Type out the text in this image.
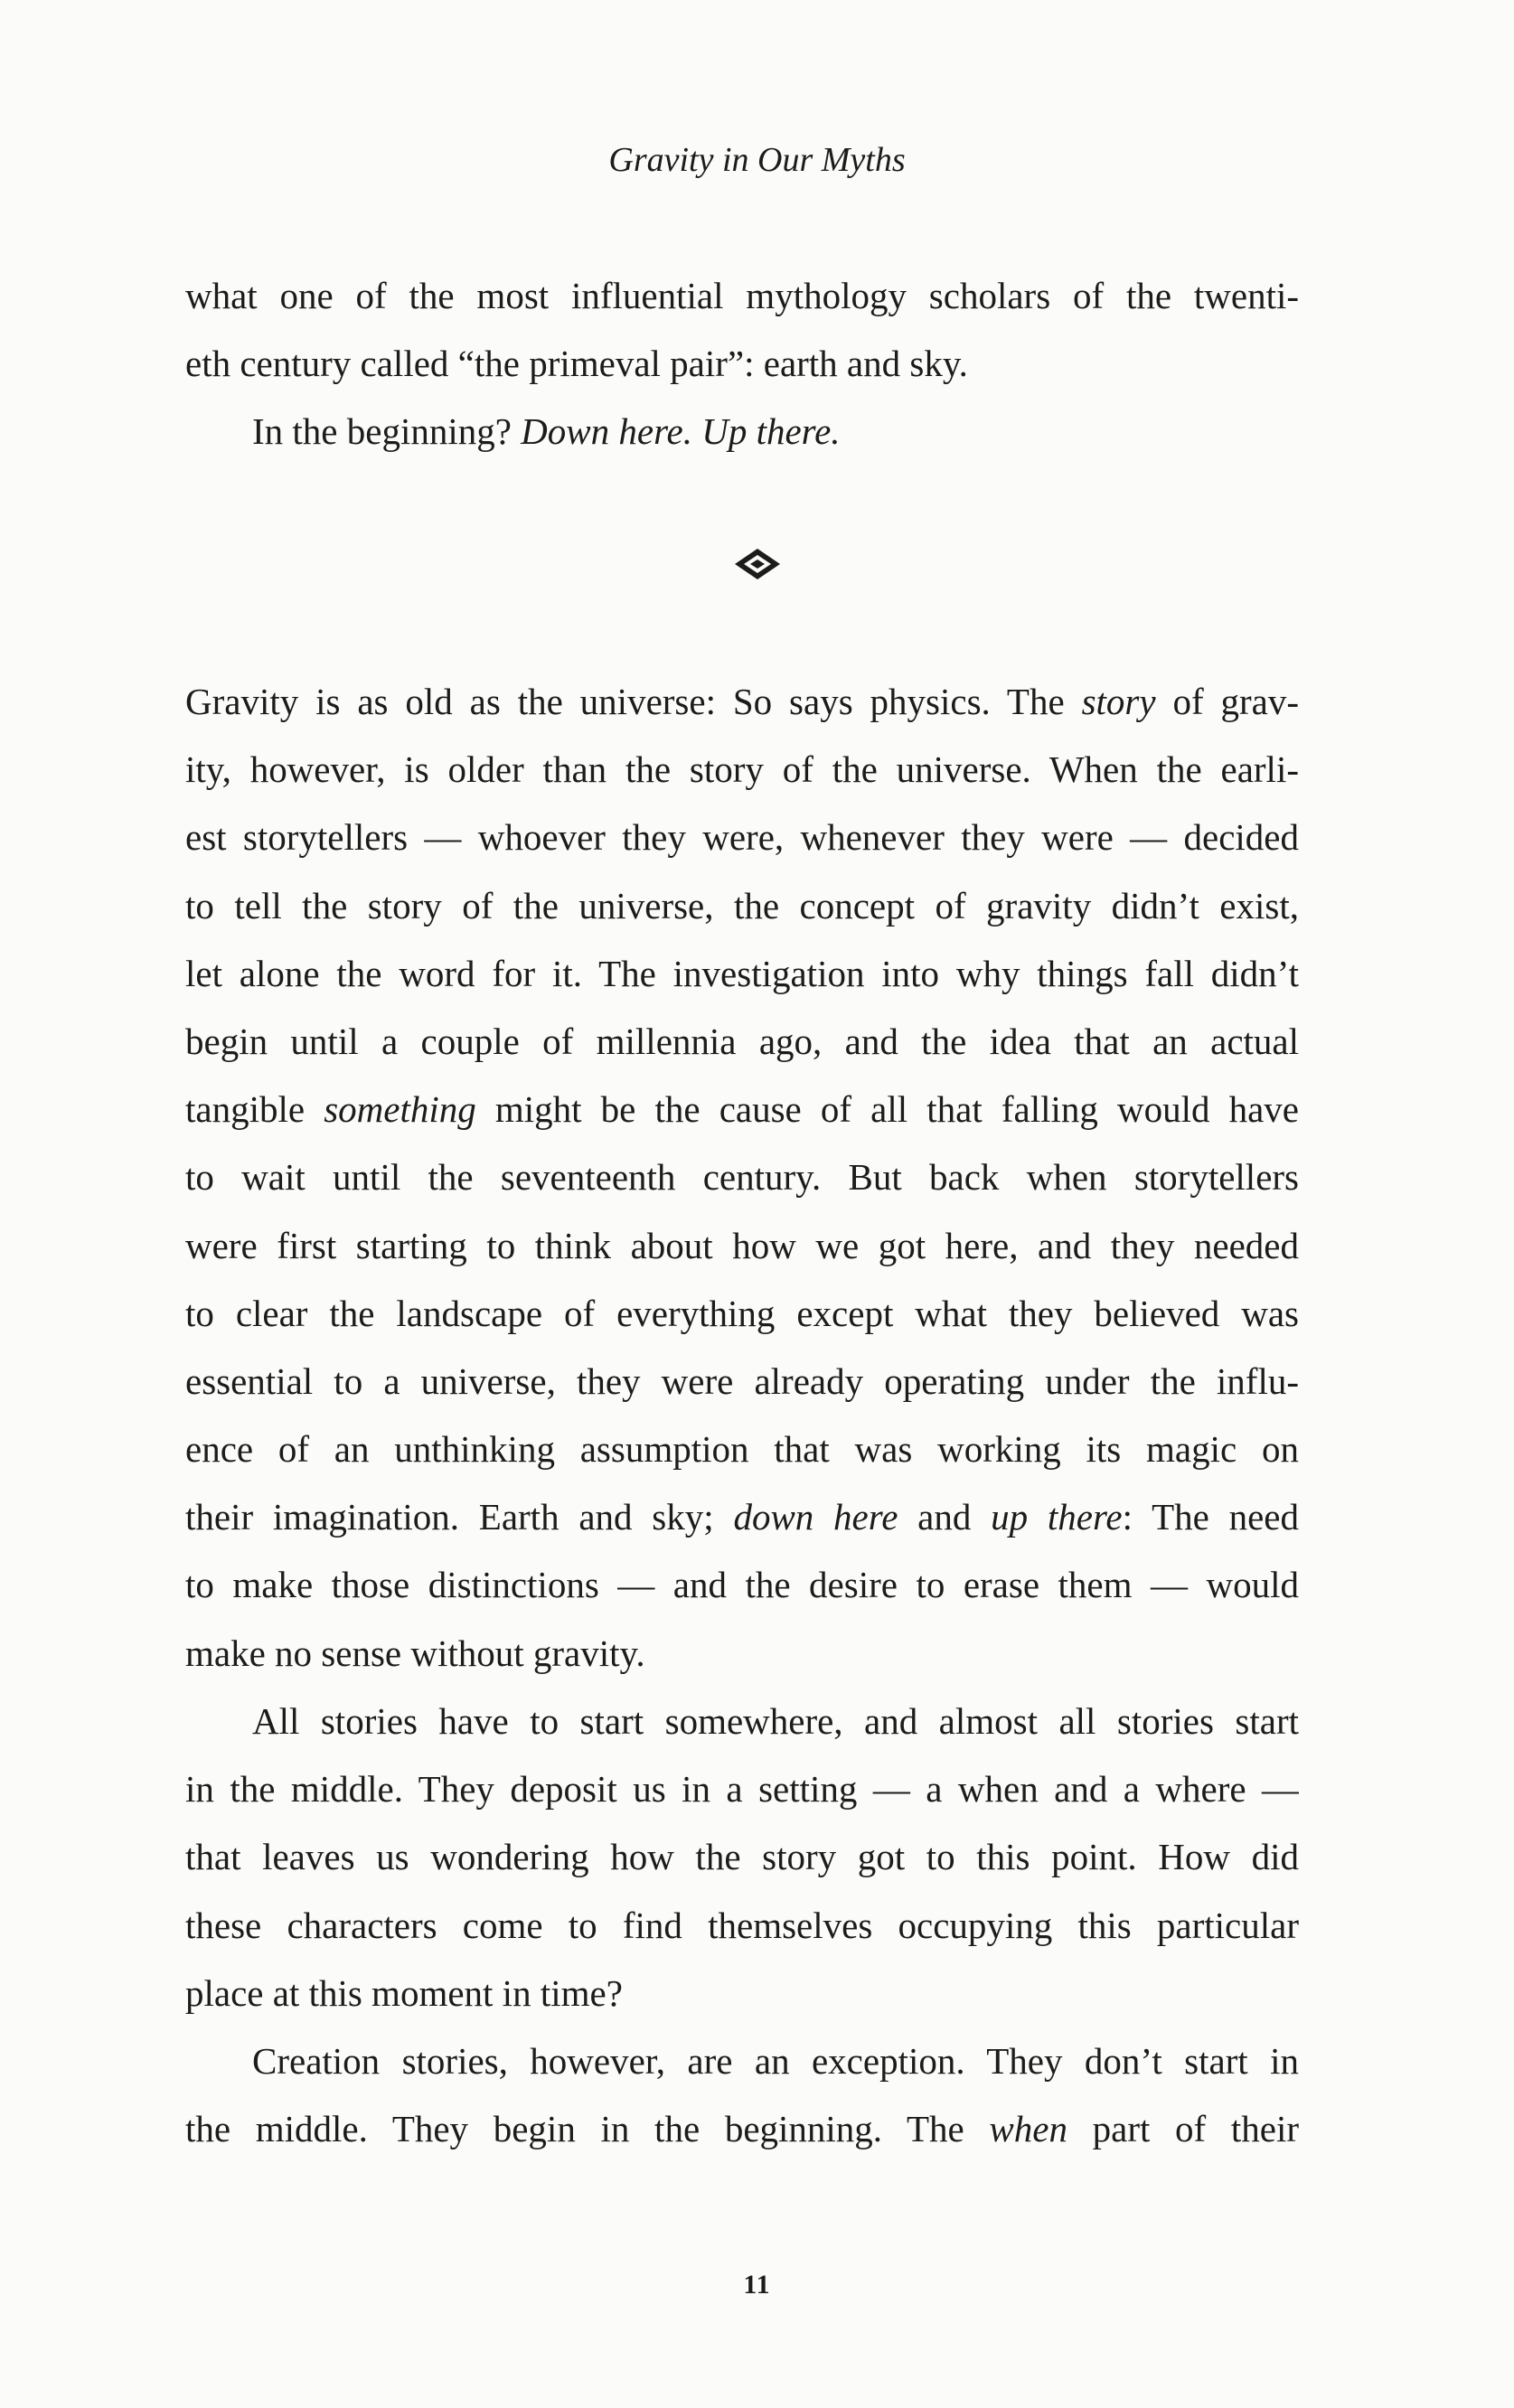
Gravity in Our Myths
what one of the most influential mythology scholars of the twenti-
eth century called “the primeval pair”: earth and sky.
In the beginning? Down here. Up there.
Gravity is as old as the universe: So says physics. The story of grav-
ity, however, is older than the story of the universe. When the earli-
est storytellers — whoever they were, whenever they were — decided
to tell the story of the universe, the concept of gravity didn’t exist,
let alone the word for it. The investigation into why things fall didn’t
begin until a couple of millennia ago, and the idea that an actual
tangible something might be the cause of all that falling would have
to wait until the seventeenth century. But back when storytellers
were first starting to think about how we got here, and they needed
to clear the landscape of everything except what they believed was
essential to a universe, they were already operating under the influ-
ence of an unthinking assumption that was working its magic on
their imagination. Earth and sky; down here and up there: The need
to make those distinctions — and the desire to erase them — would
make no sense without gravity.
All stories have to start somewhere, and almost all stories start
in the middle. They deposit us in a setting — a when and a where —
that leaves us wondering how the story got to this point. How did
these characters come to find themselves occupying this particular
place at this moment in time?
Creation stories, however, are an exception. They don’t start in
the middle. They begin in the beginning. The when part of their
11
